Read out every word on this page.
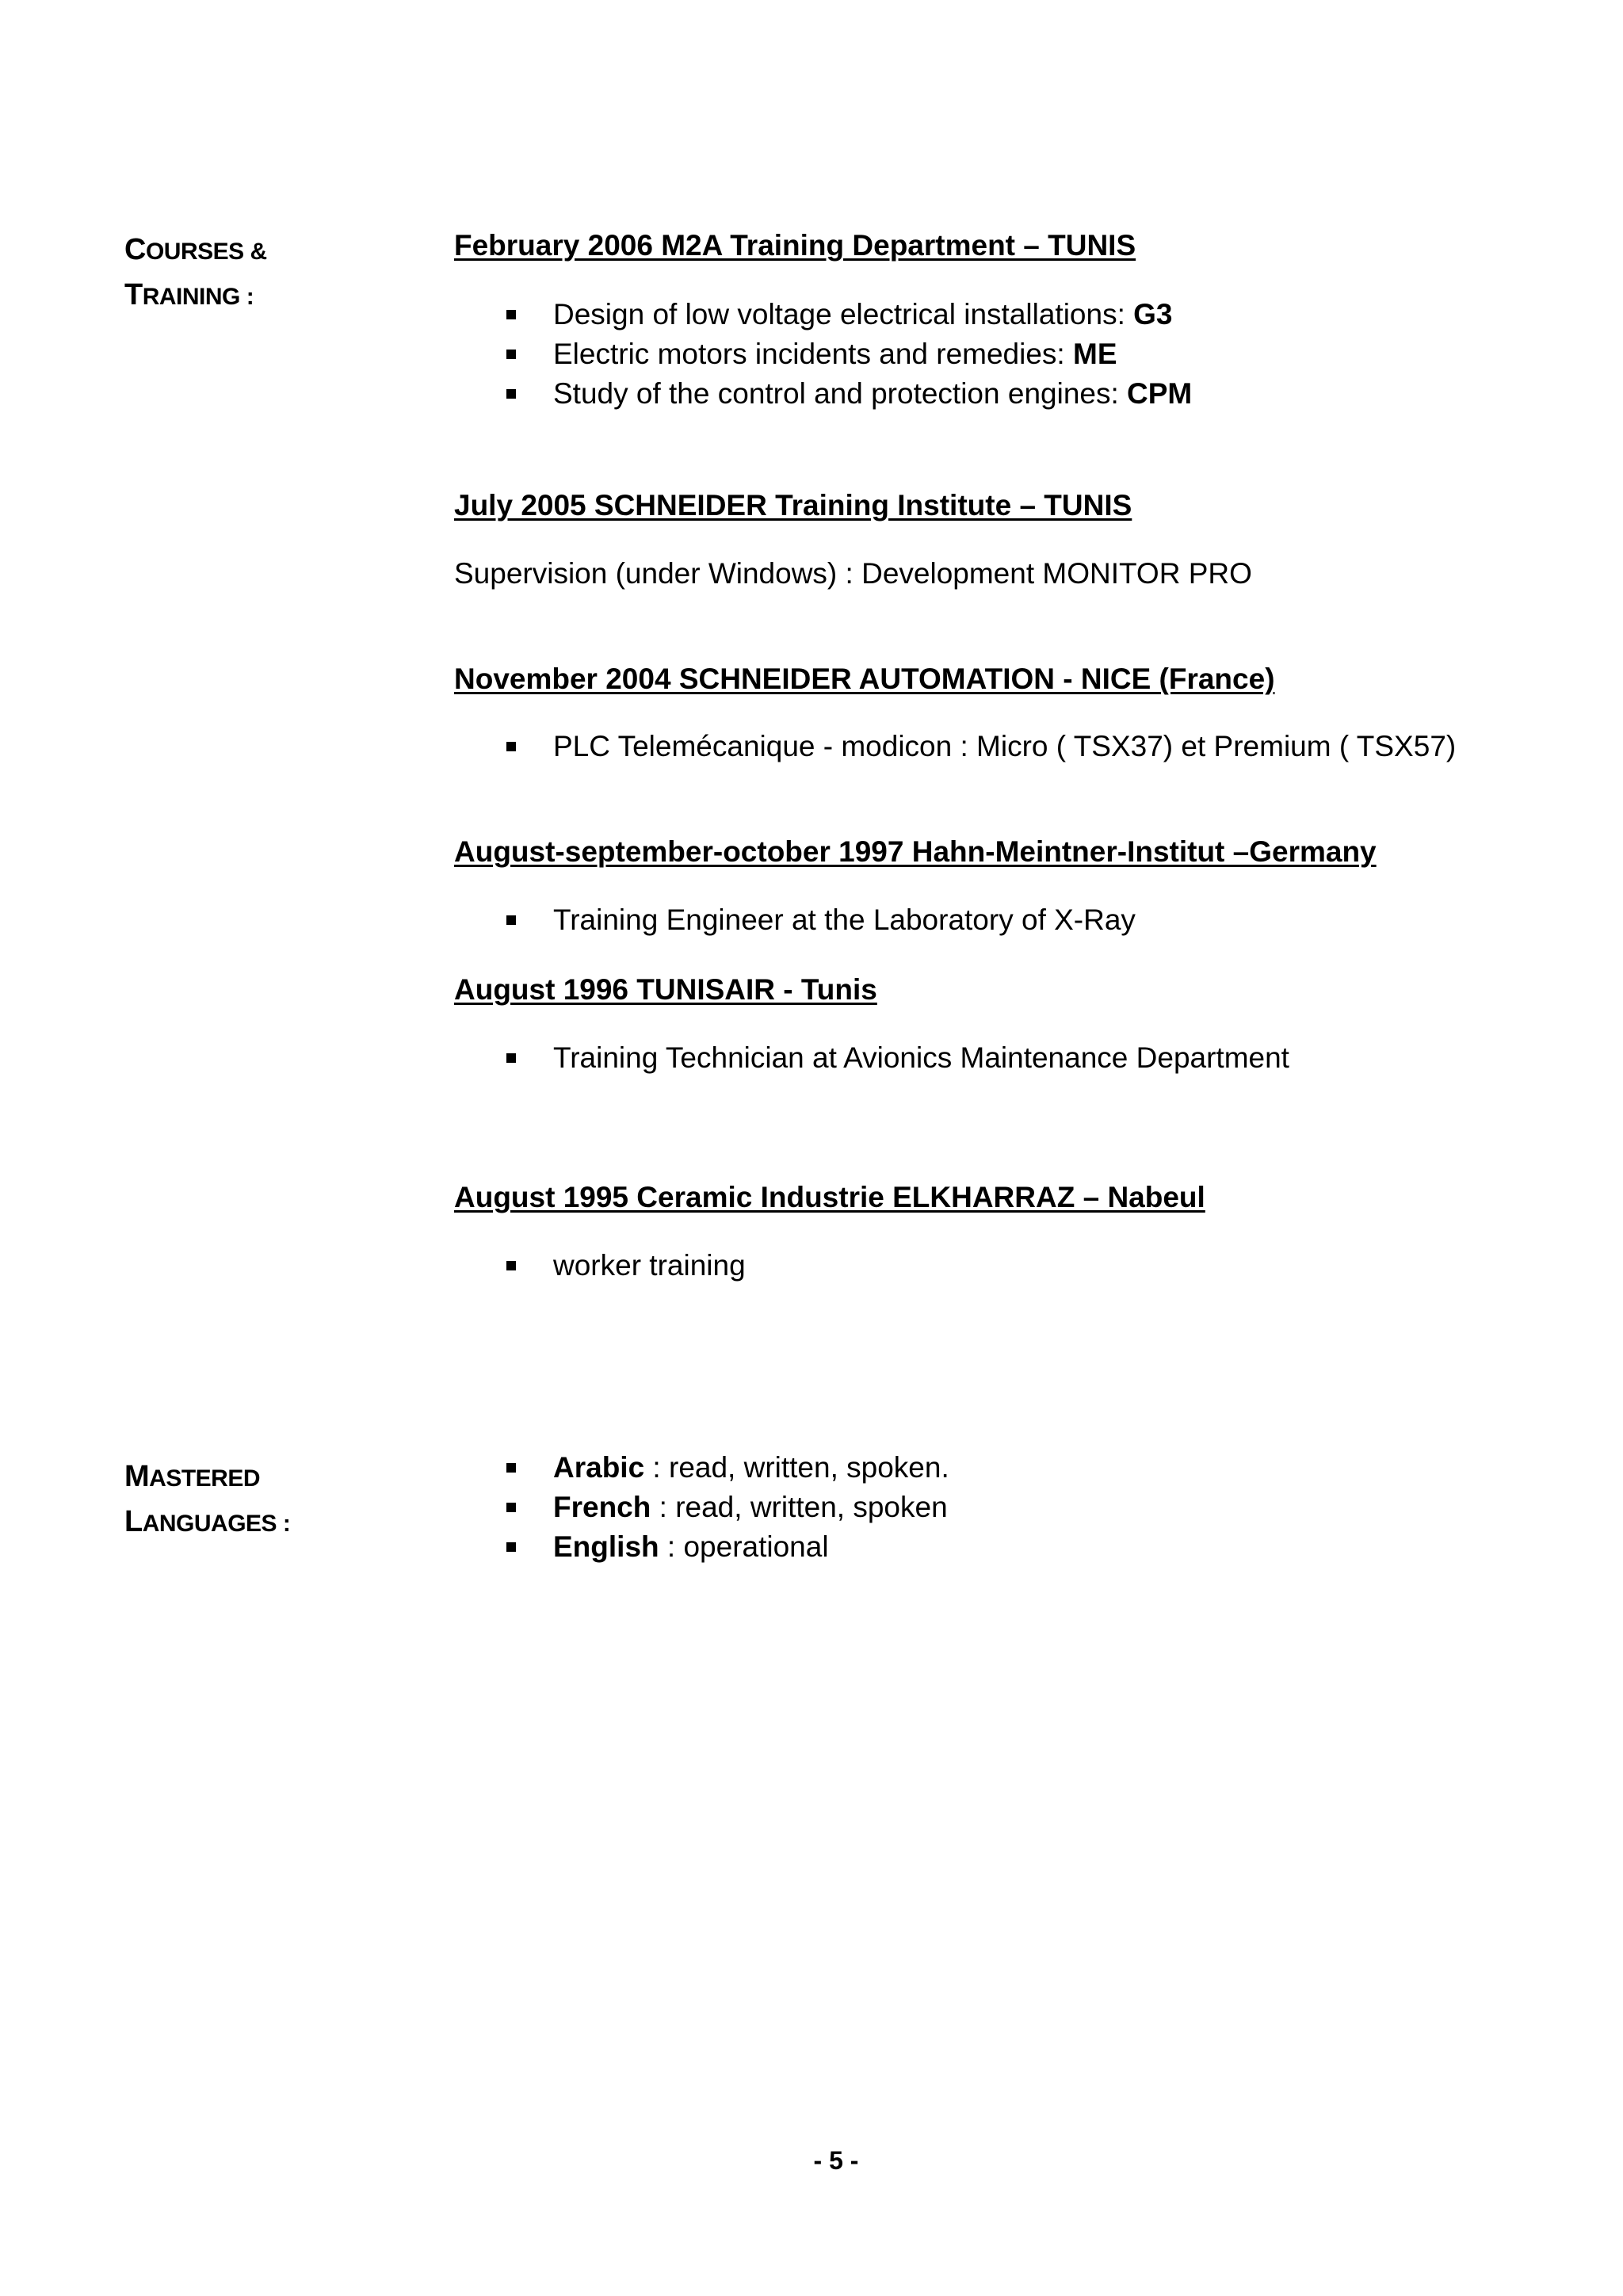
COURSES &
TRAINING :
MASTERED
LANGUAGES :

February 2006 M2A Training Department – TUNIS

Design of low voltage electrical installations: G3
Electric motors incidents and remedies: ME
Study of the control and protection engines: CPM

July 2005 SCHNEIDER Training Institute – TUNIS

Supervision (under Windows) : Development MONITOR PRO

November 2004 SCHNEIDER AUTOMATION - NICE (France)

PLC Telemécanique - modicon : Micro ( TSX37) et Premium ( TSX57)

August-september-october 1997 Hahn-Meintner-Institut –Germany

Training Engineer at the Laboratory of X-Ray

August 1996 TUNISAIR - Tunis

Training Technician at Avionics Maintenance Department

August 1995 Ceramic Industrie ELKHARRAZ – Nabeul

worker training
Arabic : read, written, spoken.
French : read, written, spoken
English : operational

- 5 -
